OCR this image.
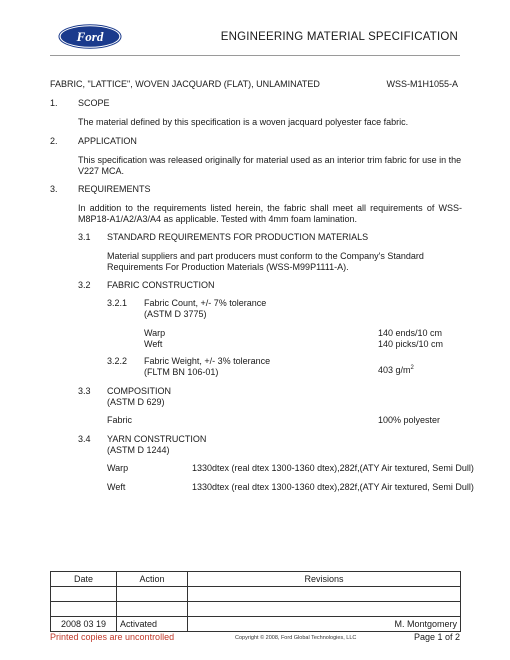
Ford	ENGINEERING MATERIAL SPECIFICATION
FABRIC, "LATTICE", WOVEN JACQUARD (FLAT), UNLAMINATED	WSS-M1H1055-A
1. SCOPE
The material defined by this specification is a woven jacquard polyester face fabric.
2. APPLICATION
This specification was released originally for material used as an interior trim fabric for use in the V227 MCA.
3. REQUIREMENTS
In addition to the requirements listed herein, the fabric shall meet all requirements of WSS-M8P18-A1/A2/A3/A4 as applicable. Tested with 4mm foam lamination.
3.1 STANDARD REQUIREMENTS FOR PRODUCTION MATERIALS
Material suppliers and part producers must conform to the Company's Standard Requirements For Production Materials (WSS-M99P1111-A).
3.2 FABRIC CONSTRUCTION
3.2.1 Fabric Count, +/- 7% tolerance
(ASTM D 3775)
Warp	140 ends/10 cm
Weft	140 picks/10 cm
3.2.2 Fabric Weight, +/- 3% tolerance
(FLTM BN 106-01)	403 $g/m^2$
3.3 COMPOSITION
(ASTM D 629)
Fabric	100% polyester
3.4 YARN CONSTRUCTION
(ASTM D 1244)
Warp	1330dtex (real dtex 1300-1360 dtex),282f,(ATY Air textured, Semi Dull)
Weft	1330dtex (real dtex 1300-1360 dtex),282f,(ATY Air textured, Semi Dull)
Date	Action	Revisions

2008 03 19	Activated	M. Montgomery
Printed copies are uncontrolled	Copyright © 2008, Ford Global Technologies, LLC	Page 1 of 2
